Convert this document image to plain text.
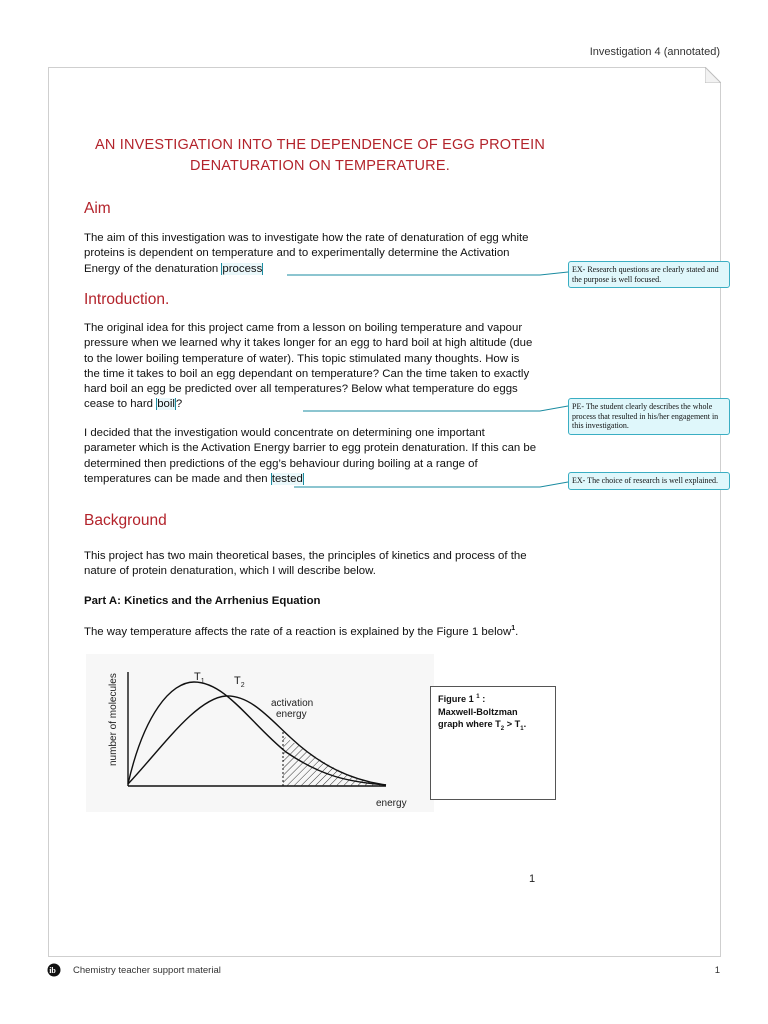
Investigation 4 (annotated)
AN INVESTIGATION INTO THE DEPENDENCE OF EGG PROTEIN
DENATURATION ON TEMPERATURE.
Aim
The aim of this investigation was to investigate how the rate of denaturation of egg white proteins is dependent on temperature and to experimentally determine the Activation Energy of the denaturation process
Introduction.
The original idea for this project came from a lesson on boiling temperature and vapour pressure when we learned why it takes longer for an egg to hard boil at high altitude (due to the lower boiling temperature of water). This topic stimulated many thoughts. How is the time it takes to boil an egg dependant on temperature? Can the time taken to exactly hard boil an egg be predicted over all temperatures? Below what temperature do eggs cease to hard boil?
I decided that the investigation would concentrate on determining one important parameter which is the Activation Energy barrier to egg protein denaturation. If this can be determined then predictions of the egg’s behaviour during boiling at a range of temperatures can be made and then tested
Background
This project has two main theoretical bases, the principles of kinetics and process of the nature of protein denaturation, which I will describe below.
Part A: Kinetics and the Arrhenius Equation
The way temperature affects the rate of a reaction is explained by the Figure 1 below$^1$.
EX- Research questions are clearly stated and the purpose is well focused.
PE- The student clearly describes the whole process that resulted in his/her engagement in this investigation.
EX- The choice of research is well explained.
$T_1$	$T_2$
activation
energy
energy
number of molecules	Figure 1 $^1$ :
Maxwell-Boltzman
graph where $T_2 > T_1$.
1
ib Chemistry teacher support material	1
